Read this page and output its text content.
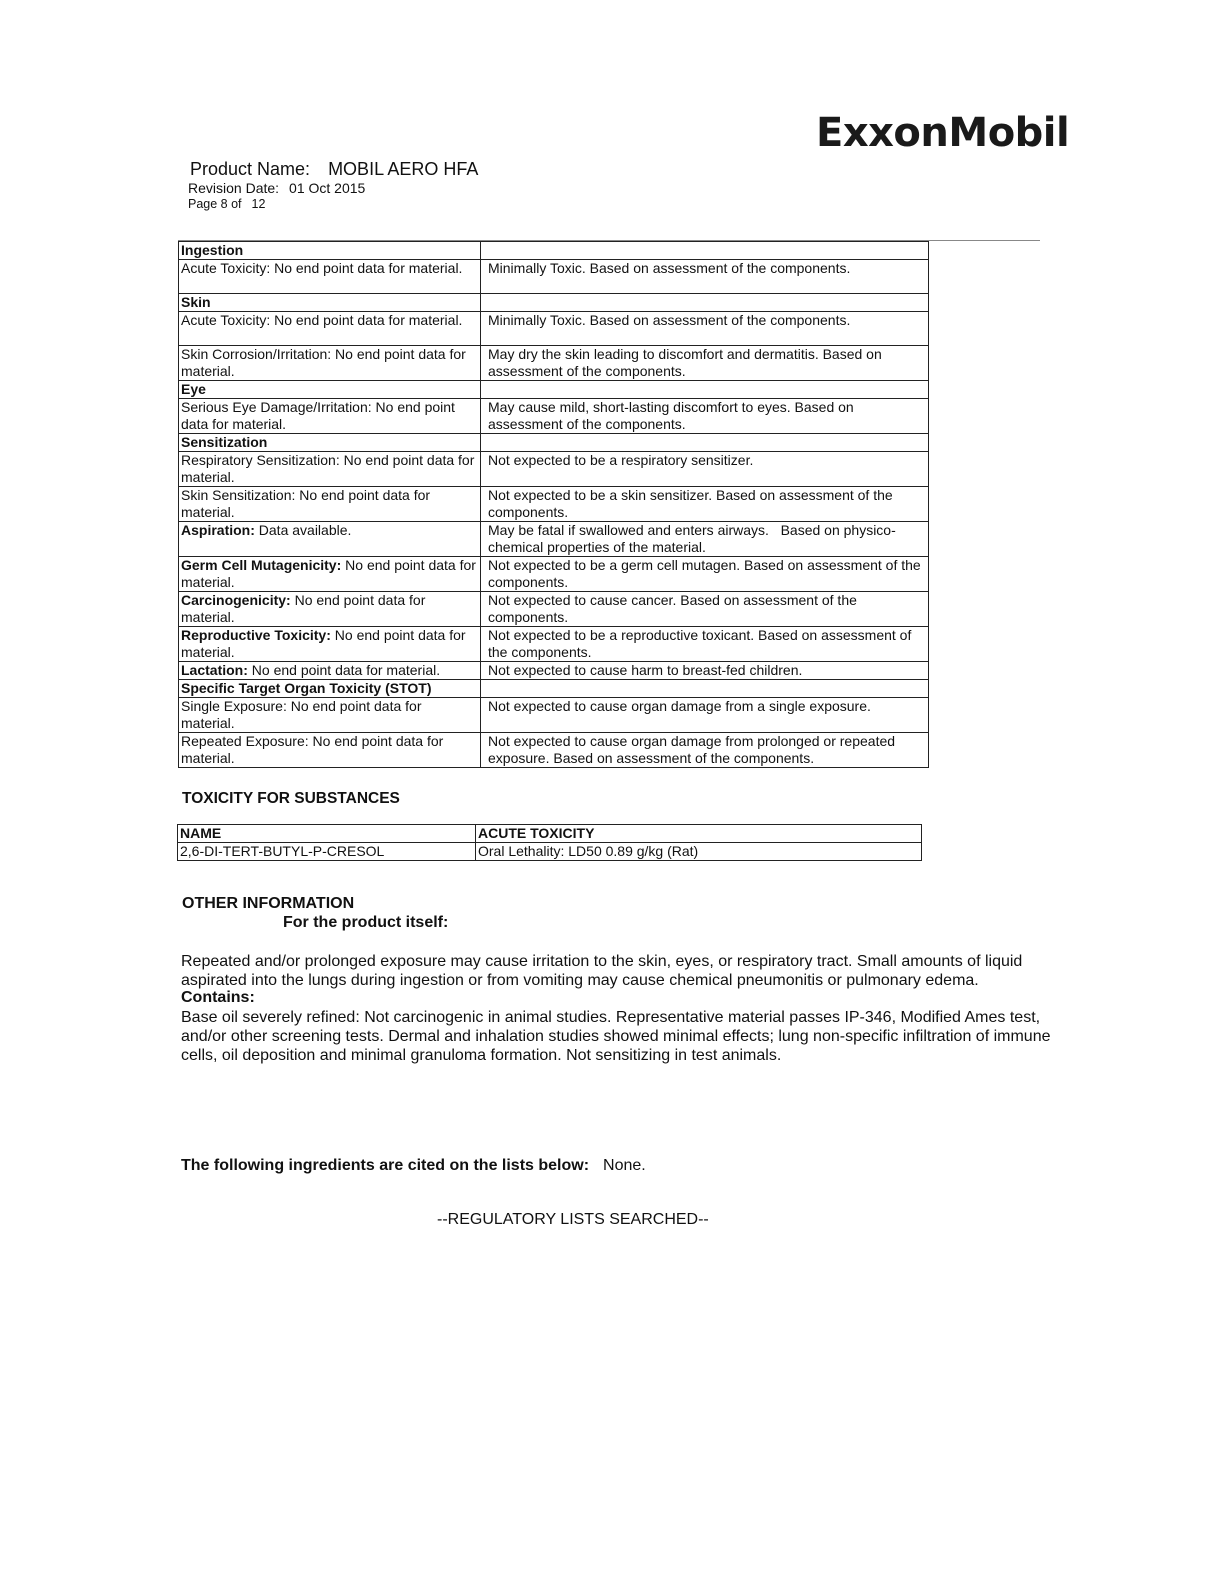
ExxonMobil
Product Name: MOBIL AERO HFA
Revision Date: 01 Oct 2015
Page 8 of 12
Ingestion	
Acute Toxicity: No end point data for material.	Minimally Toxic. Based on assessment of the components.
Skin	
Acute Toxicity: No end point data for material.	Minimally Toxic. Based on assessment of the components.
Skin Corrosion/Irritation: No end point data for material.	May dry the skin leading to discomfort and dermatitis. Based on assessment of the components.
Eye	
Serious Eye Damage/Irritation: No end point data for material.	May cause mild, short-lasting discomfort to eyes. Based on assessment of the components.
Sensitization	
Respiratory Sensitization: No end point data for material.	Not expected to be a respiratory sensitizer.
Skin Sensitization: No end point data for material.	Not expected to be a skin sensitizer. Based on assessment of the components.
Aspiration: Data available.	May be fatal if swallowed and enters airways.   Based on physico-chemical properties of the material.
Germ Cell Mutagenicity: No end point data for material.	Not expected to be a germ cell mutagen. Based on assessment of the components.
Carcinogenicity: No end point data for material.	Not expected to cause cancer. Based on assessment of the components.
Reproductive Toxicity: No end point data for material.	Not expected to be a reproductive toxicant. Based on assessment of the components.
Lactation: No end point data for material.	Not expected to cause harm to breast-fed children.
Specific Target Organ Toxicity (STOT)	
Single Exposure: No end point data for material.	Not expected to cause organ damage from a single exposure.
Repeated Exposure: No end point data for material.	Not expected to cause organ damage from prolonged or repeated exposure. Based on assessment of the components.
TOXICITY FOR SUBSTANCES
NAME	ACUTE TOXICITY
2,6-DI-TERT-BUTYL-P-CRESOL	Oral Lethality: LD50 0.89 g/kg (Rat)
OTHER INFORMATION
For the product itself:
Repeated and/or prolonged exposure may cause irritation to the skin, eyes, or respiratory tract. Small amounts of liquid aspirated into the lungs during ingestion or from vomiting may cause chemical pneumonitis or pulmonary edema.
Contains:
Base oil severely refined: Not carcinogenic in animal studies. Representative material passes IP-346, Modified Ames test, and/or other screening tests. Dermal and inhalation studies showed minimal effects; lung non-specific infiltration of immune cells, oil deposition and minimal granuloma formation. Not sensitizing in test animals.
The following ingredients are cited on the lists below: None.
--REGULATORY LISTS SEARCHED--
